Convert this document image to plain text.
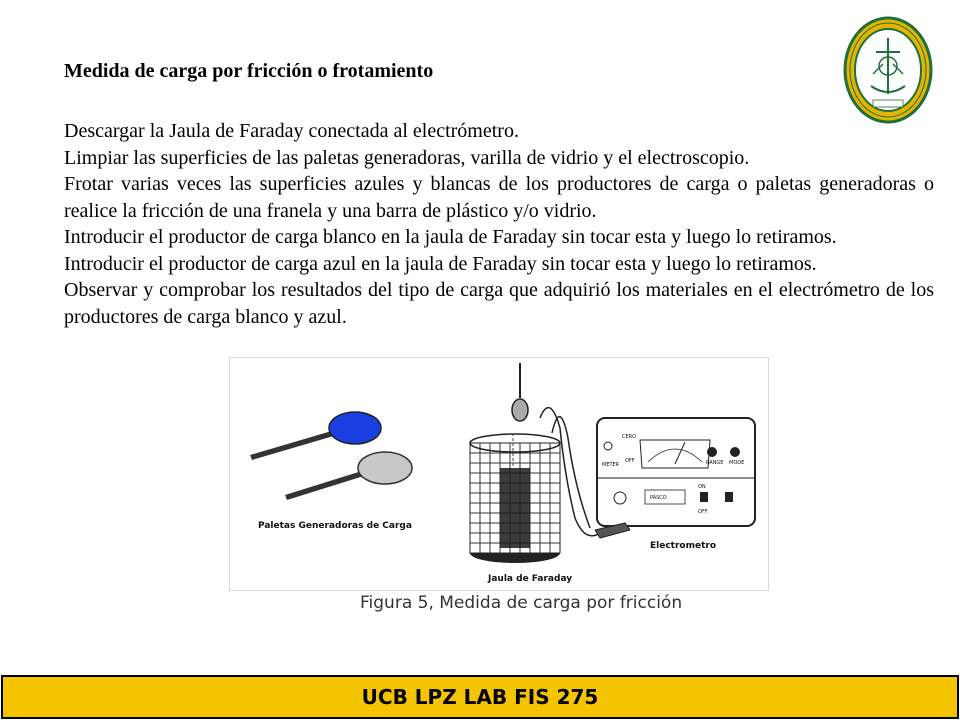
Medida de carga por fricción o frotamiento

Descargar la Jaula de Faraday conectada al electrómetro.

Limpiar las superficies de las paletas generadoras, varilla de vidrio y el electroscopio.

Frotar varias veces las superficies azules y blancas de los productores de carga o paletas generadoras o realice la fricción de una franela y una barra de plástico y/o vidrio.

Introducir el productor de carga blanco en la jaula de Faraday sin tocar esta y luego lo retiramos.

Introducir el productor de carga azul en la jaula de Faraday sin tocar esta y luego lo retiramos.

Observar y comprobar los resultados del tipo de carga que adquirió los materiales en el electrómetro de los productores de carga blanco y azul.

Paletas Generadoras de Carga
Jaula de Faraday
CERO
METER
OFF	RANGE MODE
PASCO
ON
OFF
Electrometro
Figura 5, Medida de carga por fricción
UCB LPZ LAB FIS 275
